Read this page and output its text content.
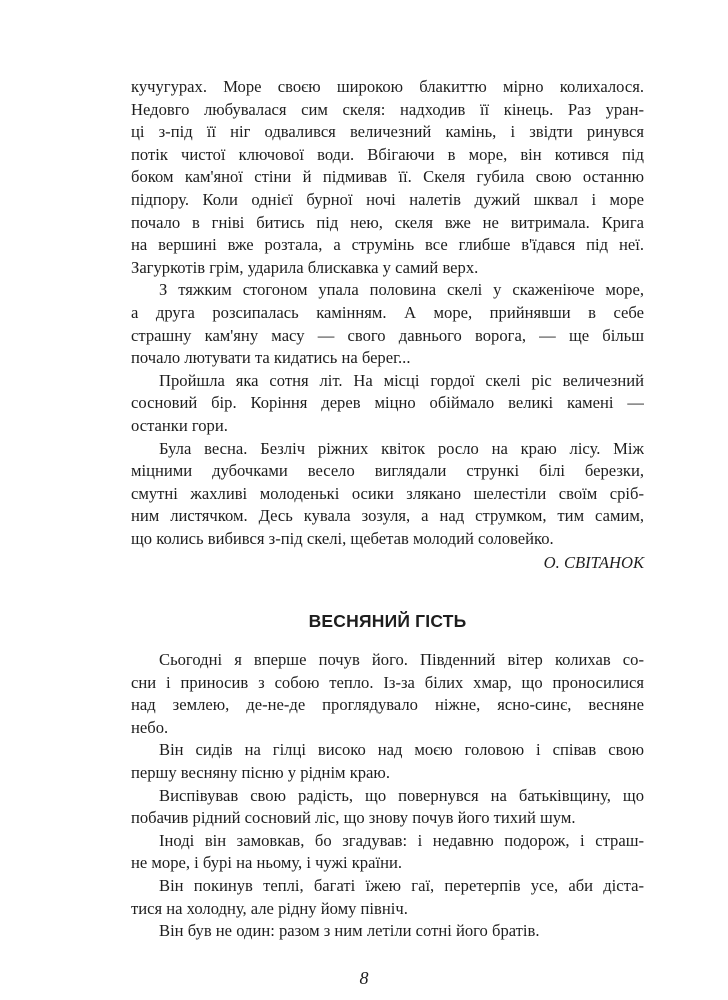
кучугурах. Море своєю широкою блакиттю мірно колихалося.
Недовго любувалася сим скеля: надходив її кінець. Раз уран-
ці з-під її ніг одвалився величезний камінь, і звідти ринувся
потік чистої ключової води. Вбігаючи в море, він котився під
боком кам'яної стіни й підмивав її. Скеля губила свою останню
підпору. Коли однієї бурної ночі налетів дужий шквал і море
почало в гніві битись під нею, скеля вже не витримала. Крига
на вершині вже розтала, а струмінь все глибше в'їдався під неї.
Загуркотів грім, ударила блискавка у самий верх.
З тяжким стогоном упала половина скелі у скаженіюче море,
а друга розсипалась камінням. А море, прийнявши в себе
страшну кам'яну масу — свого давнього ворога, — ще більш
почало лютувати та кидатись на берег...
Пройшла яка сотня літ. На місці гордої скелі ріс величезний
сосновий бір. Коріння дерев міцно обіймало великі камені —
останки гори.
Була весна. Безліч ріжних квіток росло на краю лісу. Між
міцними дубочками весело виглядали стрункі білі березки,
смутні жахливі молоденькі осики злякано шелестіли своїм сріб-
ним листячком. Десь кувала зозуля, а над струмком, тим самим,
що колись вибився з-під скелі, щебетав молодий соловейко.
О. СВІТАНОК
ВЕСНЯНИЙ ГІСТЬ
Сьогодні я вперше почув його. Південний вітер колихав со-
сни і приносив з собою тепло. Із-за білих хмар, що проносилися
над землею, де-не-де проглядувало ніжне, ясно-синє, весняне
небо.
Він сидів на гілці високо над моєю головою і співав свою
першу весняну пісню у ріднім краю.
Виспівував свою радість, що повернувся на батьківщину, що
побачив рідний сосновий ліс, що знову почув його тихий шум.
Іноді він замовкав, бо згадував: і недавню подорож, і страш-
не море, і бурі на ньому, і чужі країни.
Він покинув теплі, багаті їжею гаї, перетерпів усе, аби діста-
тися на холодну, але рідну йому північ.
Він був не один: разом з ним летіли сотні його братів.
8
